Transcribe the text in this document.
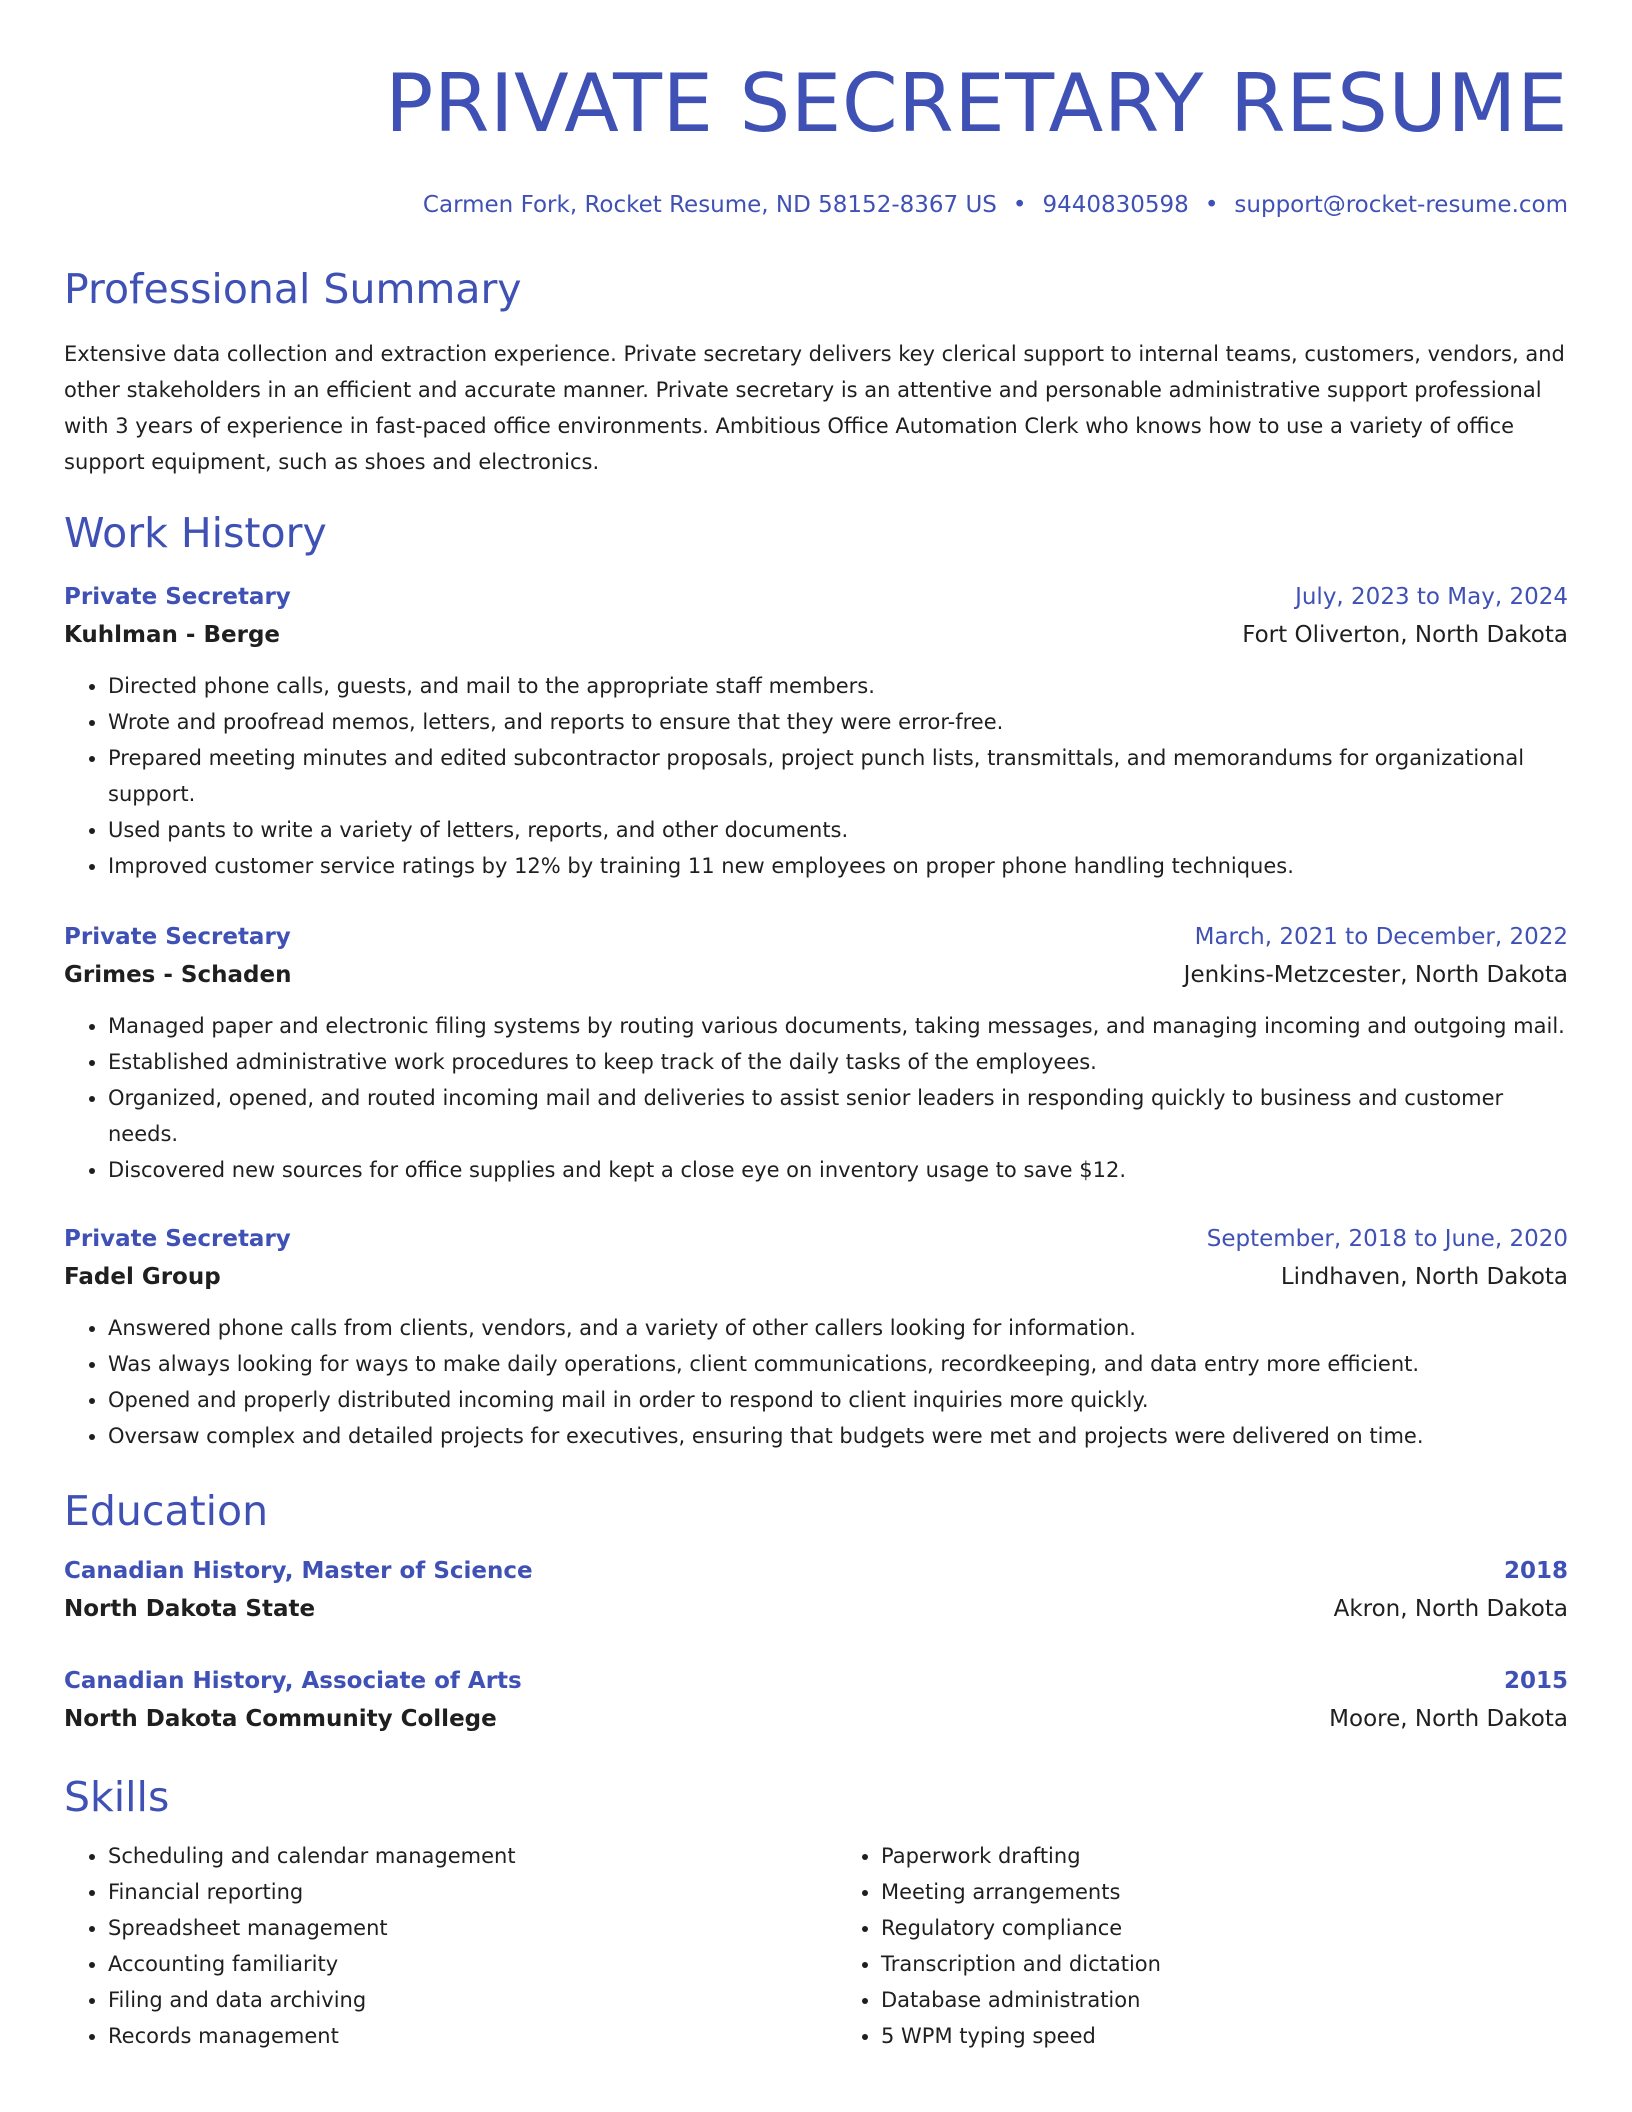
PRIVATE SECRETARY RESUME
Carmen Fork, Rocket Resume, ND 58152-8367 US • 9440830598 • support@rocket-resume.com
Professional Summary

Extensive data collection and extraction experience. Private secretary delivers key clerical support to internal teams, customers, vendors, and other stakeholders in an efficient and accurate manner. Private secretary is an attentive and personable administrative support professional with 3 years of experience in fast-paced office environments. Ambitious Office Automation Clerk who knows how to use a variety of office support equipment, such as shoes and electronics.

Work History
Private Secretary	July, 2023 to May, 2024
Kuhlman - Berge	Fort Oliverton, North Dakota
• Directed phone calls, guests, and mail to the appropriate staff members.
• Wrote and proofread memos, letters, and reports to ensure that they were error-free.
• Prepared meeting minutes and edited subcontractor proposals, project punch lists, transmittals, and memorandums for organizational support.
• Used pants to write a variety of letters, reports, and other documents.
• Improved customer service ratings by 12% by training 11 new employees on proper phone handling techniques.
Private Secretary	March, 2021 to December, 2022
Grimes - Schaden	Jenkins-Metzcester, North Dakota
• Managed paper and electronic filing systems by routing various documents, taking messages, and managing incoming and outgoing mail.
• Established administrative work procedures to keep track of the daily tasks of the employees.
• Organized, opened, and routed incoming mail and deliveries to assist senior leaders in responding quickly to business and customer needs.
• Discovered new sources for office supplies and kept a close eye on inventory usage to save $12.
Private Secretary	September, 2018 to June, 2020
Fadel Group	Lindhaven, North Dakota
• Answered phone calls from clients, vendors, and a variety of other callers looking for information.
• Was always looking for ways to make daily operations, client communications, recordkeeping, and data entry more efficient.
• Opened and properly distributed incoming mail in order to respond to client inquiries more quickly.
• Oversaw complex and detailed projects for executives, ensuring that budgets were met and projects were delivered on time.
Education
Canadian History, Master of Science	2018
North Dakota State	Akron, North Dakota
Canadian History, Associate of Arts	2015
North Dakota Community College	Moore, North Dakota
Skills
• Scheduling and calendar management
• Financial reporting
• Spreadsheet management
• Accounting familiarity
• Filing and data archiving
• Records management
• Paperwork drafting
• Meeting arrangements
• Regulatory compliance
• Transcription and dictation
• Database administration
• 5 WPM typing speed
